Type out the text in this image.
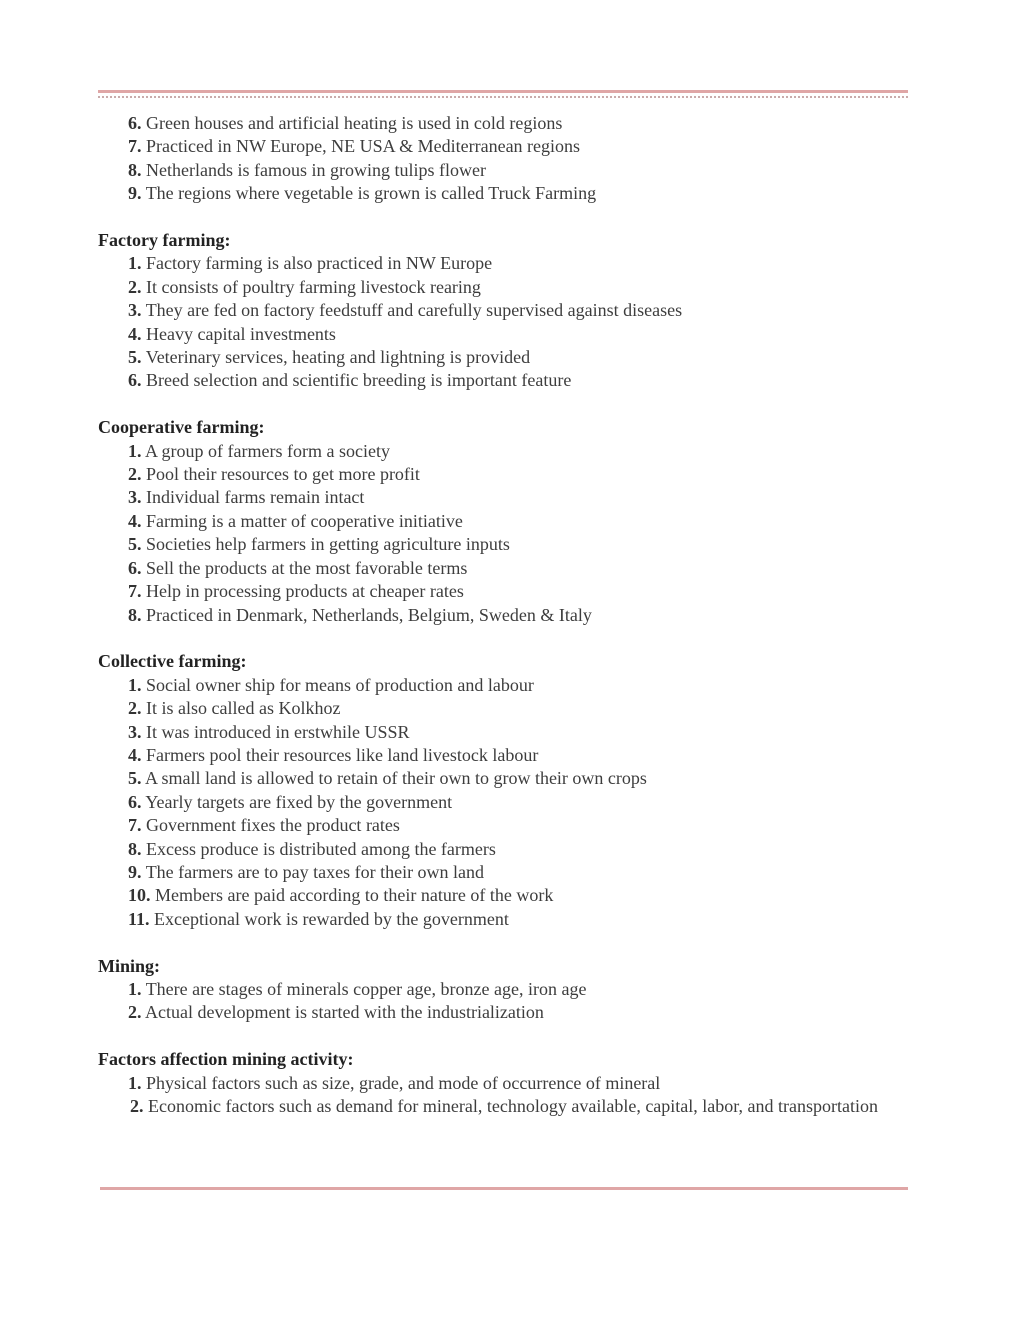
6. Green houses and artificial heating is used in cold regions
7. Practiced in NW Europe, NE USA & Mediterranean regions
8. Netherlands is famous in growing tulips flower
9. The regions where vegetable is grown is called Truck Farming
Factory farming:
1. Factory farming is also practiced in NW Europe
2. It consists of poultry farming livestock rearing
3. They are fed on factory feedstuff and carefully supervised against diseases
4. Heavy capital investments
5. Veterinary services, heating and lightning is provided
6. Breed selection and scientific breeding is important feature
Cooperative farming:
1. A group of farmers form a society
2. Pool their resources to get more profit
3. Individual farms remain intact
4. Farming is a matter of cooperative initiative
5. Societies help farmers in getting agriculture inputs
6. Sell the products at the most favorable terms
7. Help in processing products at cheaper rates
8. Practiced in Denmark, Netherlands, Belgium, Sweden & Italy
Collective farming:
1. Social owner ship for means of production and labour
2. It is also called as Kolkhoz
3. It was introduced in erstwhile USSR
4. Farmers pool their resources like land livestock labour
5. A small land is allowed to retain of their own to grow their own crops
6. Yearly targets are fixed by the government
7. Government fixes the product rates
8. Excess produce is distributed among the farmers
9. The farmers are to pay taxes for their own land
10. Members are paid according to their nature of the work
11. Exceptional work is rewarded by the government
Mining:
1. There are stages of minerals copper age, bronze age, iron age
2. Actual development is started with the industrialization
Factors affection mining activity:
1. Physical factors such as size, grade, and mode of occurrence of mineral
2. Economic factors such as demand for mineral, technology available, capital, labor, and transportation
